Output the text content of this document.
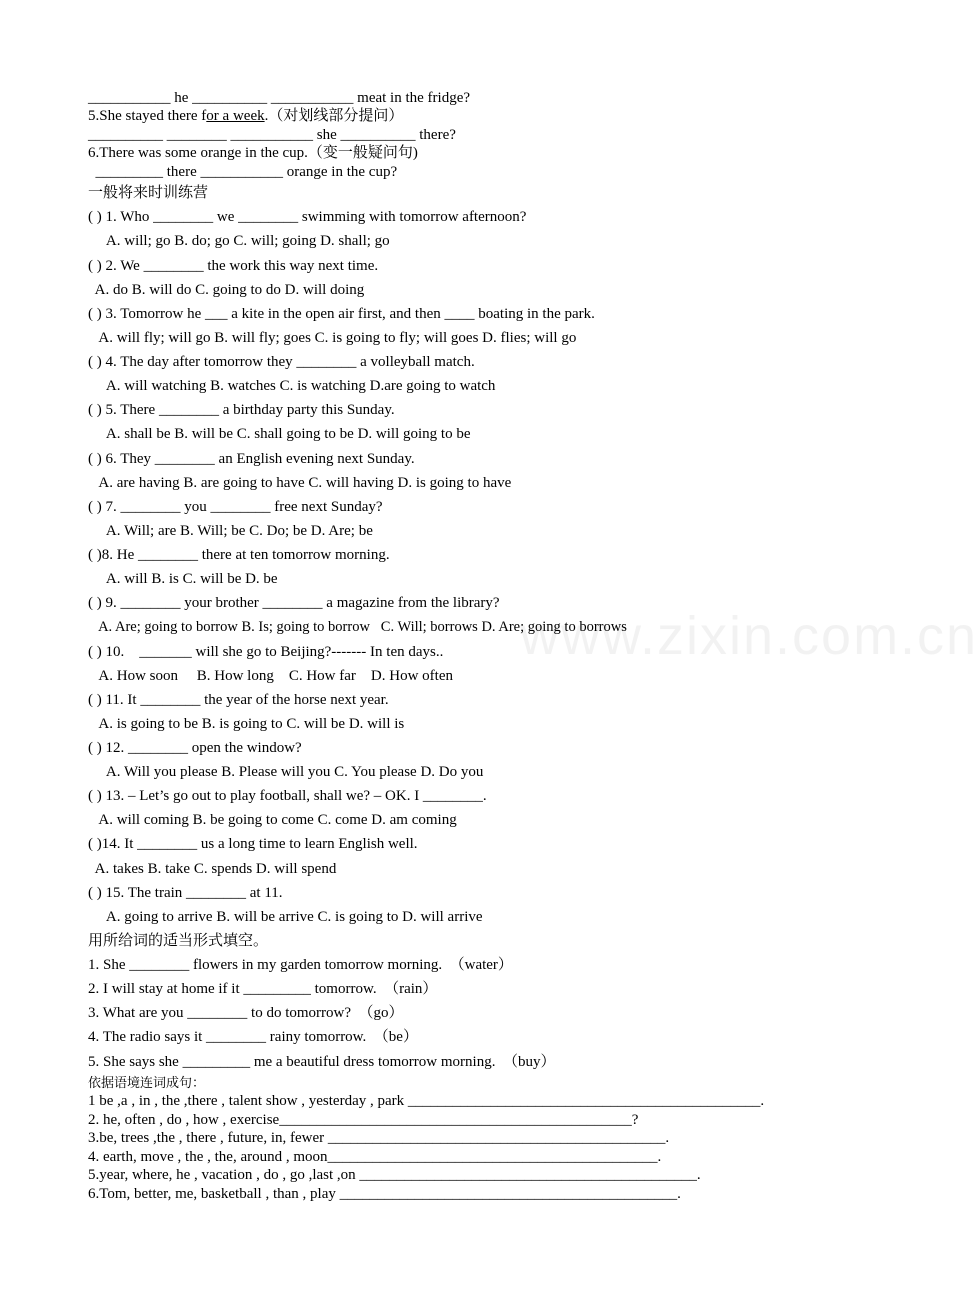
www.zixin.com.cn
___________ he __________ ___________ meat in the fridge?
5.She stayed there for a week.（对划线部分提问）
__________ ________ ___________ she __________ there?
6.There was some orange in the cup.（变一般疑问句)
_________ there ___________ orange in the cup?
一般将来时训练营
( ) 1. Who ________ we ________ swimming with tomorrow afternoon?
A. will; go B. do; go C. will; going D. shall; go
( ) 2. We ________ the work this way next time.
A. do B. will do C. going to do D. will doing
( ) 3. Tomorrow he ___ a kite in the open air first, and then ____ boating in the park.
A. will fly; will go B. will fly; goes C. is going to fly; will goes D. flies; will go
( ) 4. The day after tomorrow they ________ a volleyball match.
A. will watching B. watches C. is watching D.are going to watch
( ) 5. There ________ a birthday party this Sunday.
A. shall be B. will be C. shall going to be D. will going to be
( ) 6. They ________ an English evening next Sunday.
A. are having B. are going to have C. will having D. is going to have
( ) 7. ________ you ________ free next Sunday?
A. Will; are B. Will; be C. Do; be D. Are; be
( )8. He ________ there at ten tomorrow morning.
A. will B. is C. will be D. be
( ) 9. ________ your brother ________ a magazine from the library?
A. Are; going to borrow B. Is; going to borrow   C. Will; borrows D. Are; going to borrows
( ) 10.    _______ will she go to Beijing?------- In ten days..
A. How soon     B. How long    C. How far    D. How often
( ) 11. It ________ the year of the horse next year.
A. is going to be B. is going to C. will be D. will is
( ) 12. ________ open the window?
A. Will you please B. Please will you C. You please D. Do you
( ) 13. – Let’s go out to play football, shall we? – OK. I ________.
A. will coming B. be going to come C. come D. am coming
( )14. It ________ us a long time to learn English well.
A. takes B. take C. spends D. will spend
( ) 15. The train ________ at 11.
A. going to arrive B. will be arrive C. is going to D. will arrive
用所给词的适当形式填空。
1. She ________ flowers in my garden tomorrow morning.  （water）
2. I will stay at home if it _________ tomorrow.  （rain）
3. What are you ________ to do tomorrow?  （go）
4. The radio says it ________ rainy tomorrow.  （be）
5. She says she _________ me a beautiful dress tomorrow morning.  （buy）
依据语境连词成句：
1 be ,a , in , the ,there , talent show , yesterday , park _______________________________________________.
2. he, often , do , how , exercise_______________________________________________?
3.be, trees ,the , there , future, in, fewer _____________________________________________.
4. earth, move , the , the, around , moon____________________________________________.
5.year, where, he , vacation , do , go ,last ,on _____________________________________________.
6.Tom, better, me, basketball , than , play _____________________________________________.
